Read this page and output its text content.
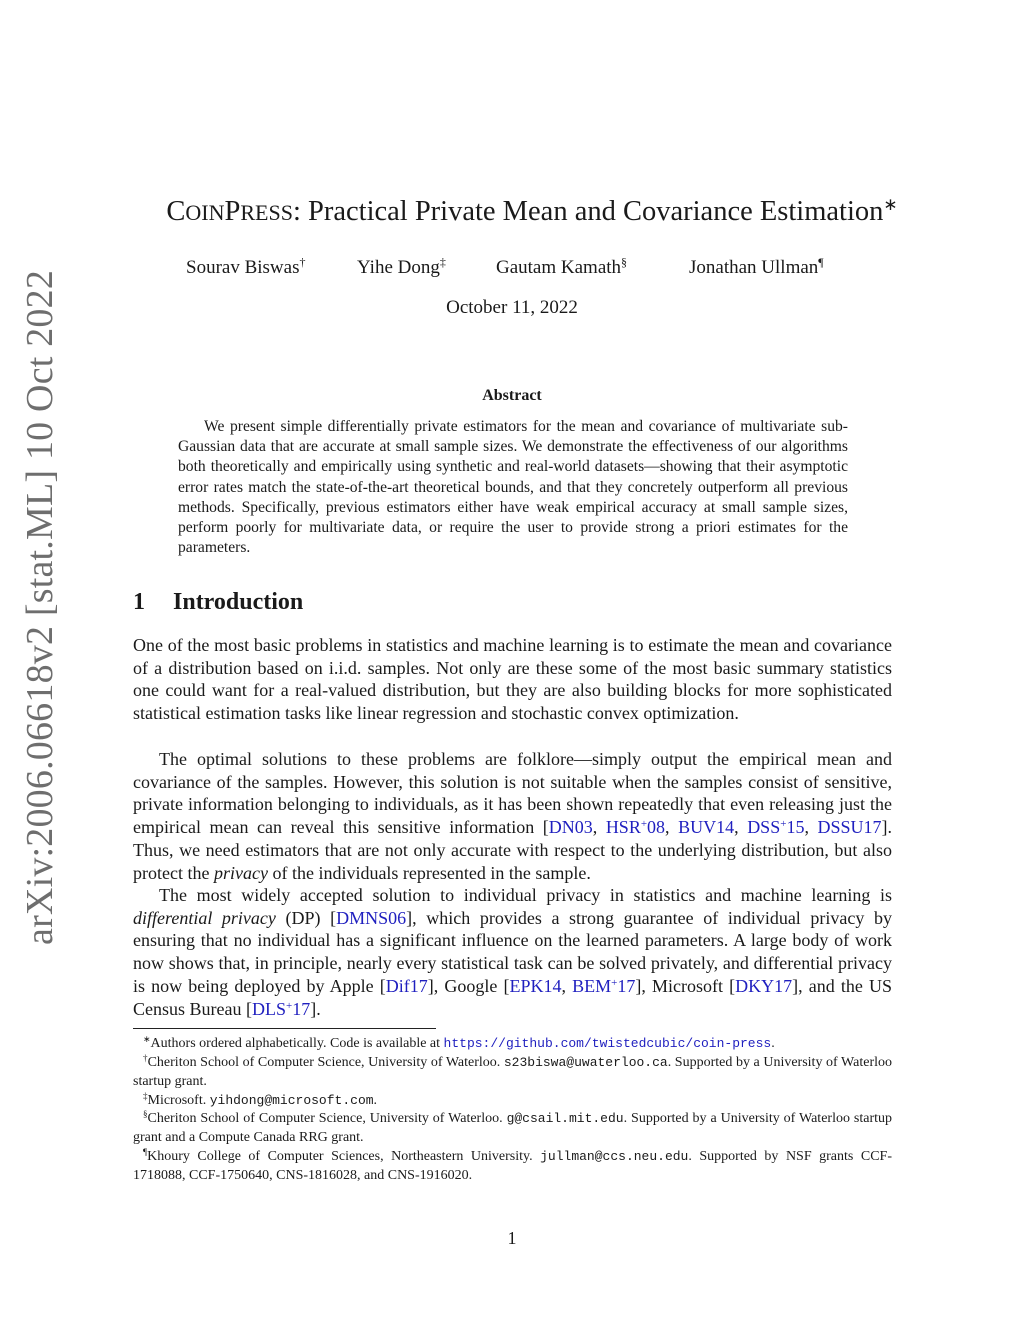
arXiv:2006.06618v2 [stat.ML] 10 Oct 2022
COINPRESS: Practical Private Mean and Covariance Estimation∗
Sourav Biswas†	Yihe Dong‡	Gautam Kamath§	Jonathan Ullman¶
October 11, 2022
Abstract
We present simple differentially private estimators for the mean and covariance of multivariate sub-Gaussian data that are accurate at small sample sizes. We demonstrate the effectiveness of our algorithms both theoretically and empirically using synthetic and real-world datasets—showing that their asymptotic error rates match the state-of-the-art theoretical bounds, and that they concretely outperform all previous methods. Specifically, previous estimators either have weak empirical accuracy at small sample sizes, perform poorly for multivariate data, or require the user to provide strong a priori estimates for the parameters.
1 Introduction

One of the most basic problems in statistics and machine learning is to estimate the mean and covariance of a distribution based on i.i.d. samples. Not only are these some of the most basic summary statistics one could want for a real-valued distribution, but they are also building blocks for more sophisticated statistical estimation tasks like linear regression and stochastic convex optimization.

The optimal solutions to these problems are folklore—simply output the empirical mean and covariance of the samples. However, this solution is not suitable when the samples consist of sensitive, private information belonging to individuals, as it has been shown repeatedly that even releasing just the empirical mean can reveal this sensitive information [DN03, HSR+08, BUV14, DSS+15, DSSU17]. Thus, we need estimators that are not only accurate with respect to the underlying distribution, but also protect the privacy of the individuals represented in the sample.

The most widely accepted solution to individual privacy in statistics and machine learning is differential privacy (DP) [DMNS06], which provides a strong guarantee of individual privacy by ensuring that no individual has a significant influence on the learned parameters. A large body of work now shows that, in principle, nearly every statistical task can be solved privately, and differential privacy is now being deployed by Apple [Dif17], Google [EPK14, BEM+17], Microsoft [DKY17], and the US Census Bureau [DLS+17].

∗Authors ordered alphabetically. Code is available at https://github.com/twistedcubic/coin-press.

†Cheriton School of Computer Science, University of Waterloo. s23biswa@uwaterloo.ca. Supported by a University of Waterloo startup grant.

‡Microsoft. yihdong@microsoft.com.

§Cheriton School of Computer Science, University of Waterloo. g@csail.mit.edu. Supported by a University of Waterloo startup grant and a Compute Canada RRG grant.

¶Khoury College of Computer Sciences, Northeastern University. jullman@ccs.neu.edu. Supported by NSF grants CCF-1718088, CCF-1750640, CNS-1816028, and CNS-1916020.

1
